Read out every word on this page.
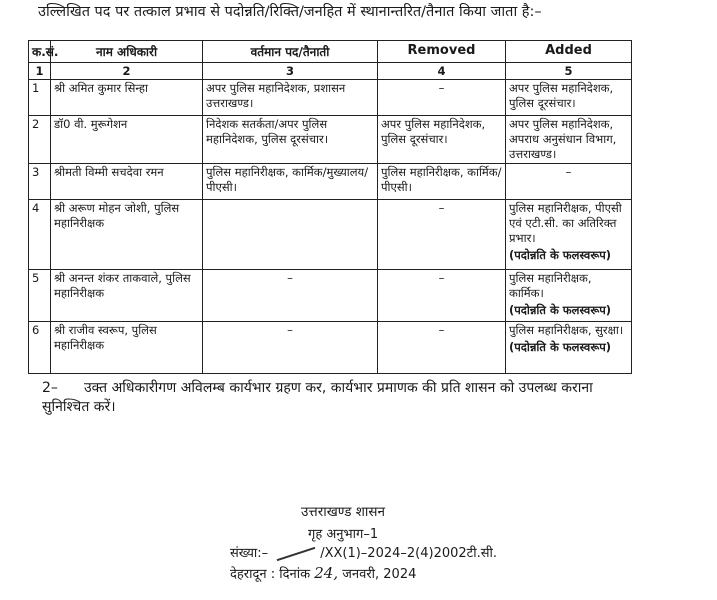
उल्लिखित पद पर तत्काल प्रभाव से पदोन्नति/रिक्ति/जनहित में स्थानान्तरित/तैनात किया जाता है:–

क.सं.	नाम अधिकारी	वर्तमान पद/तैनाती	Removed	Added
1	2	3	4	5
1	श्री अमित कुमार सिन्हा	अपर पुलिस महानिदेशक, प्रशासन उत्तराखण्ड।	–	अपर पुलिस महानिदेशक, पुलिस दूरसंचार।
2	डॉ0 वी. मुरूगेशन	निदेशक सतर्कता/अपर पुलिस महानिदेशक, पुलिस दूरसंचार।	अपर पुलिस महानिदेशक, पुलिस दूरसंचार।	अपर पुलिस महानिदेशक, अपराध अनुसंधान विभाग, उत्तराखण्ड।
3	श्रीमती विम्मी सचदेवा रमन	पुलिस महानिरीक्षक, कार्मिक/मुख्यालय/पीएसी।	पुलिस महानिरीक्षक, कार्मिक/पीएसी।	–
4	श्री अरूण मोहन जोशी, पुलिस महानिरीक्षक		–	पुलिस महानिरीक्षक, पीएसी एवं एटी.सी. का अतिरिक्त प्रभार।
(पदोन्नति के फलस्वरूप)

5	श्री अनन्त शंकर ताकवाले, पुलिस महानिरीक्षक	–	–	पुलिस महानिरीक्षक, कार्मिक।
(पदोन्नति के फलस्वरूप)

6	श्री राजीव स्वरूप, पुलिस महानिरीक्षक	–	–	पुलिस महानिरीक्षक, सुरक्षा।
(पदोन्नति के फलस्वरूप)
2– उक्त अधिकारीगण अविलम्ब कार्यभार ग्रहण कर, कार्यभार प्रमाणक की प्रति शासन को उपलब्ध कराना सुनिश्चित करें।
उत्तराखण्ड शासन
गृह अनुभाग–1
संख्या:–	/XX(1)–2024–2(4)2002टी.सी.
देहरादून : दिनांक 24, जनवरी, 2024
